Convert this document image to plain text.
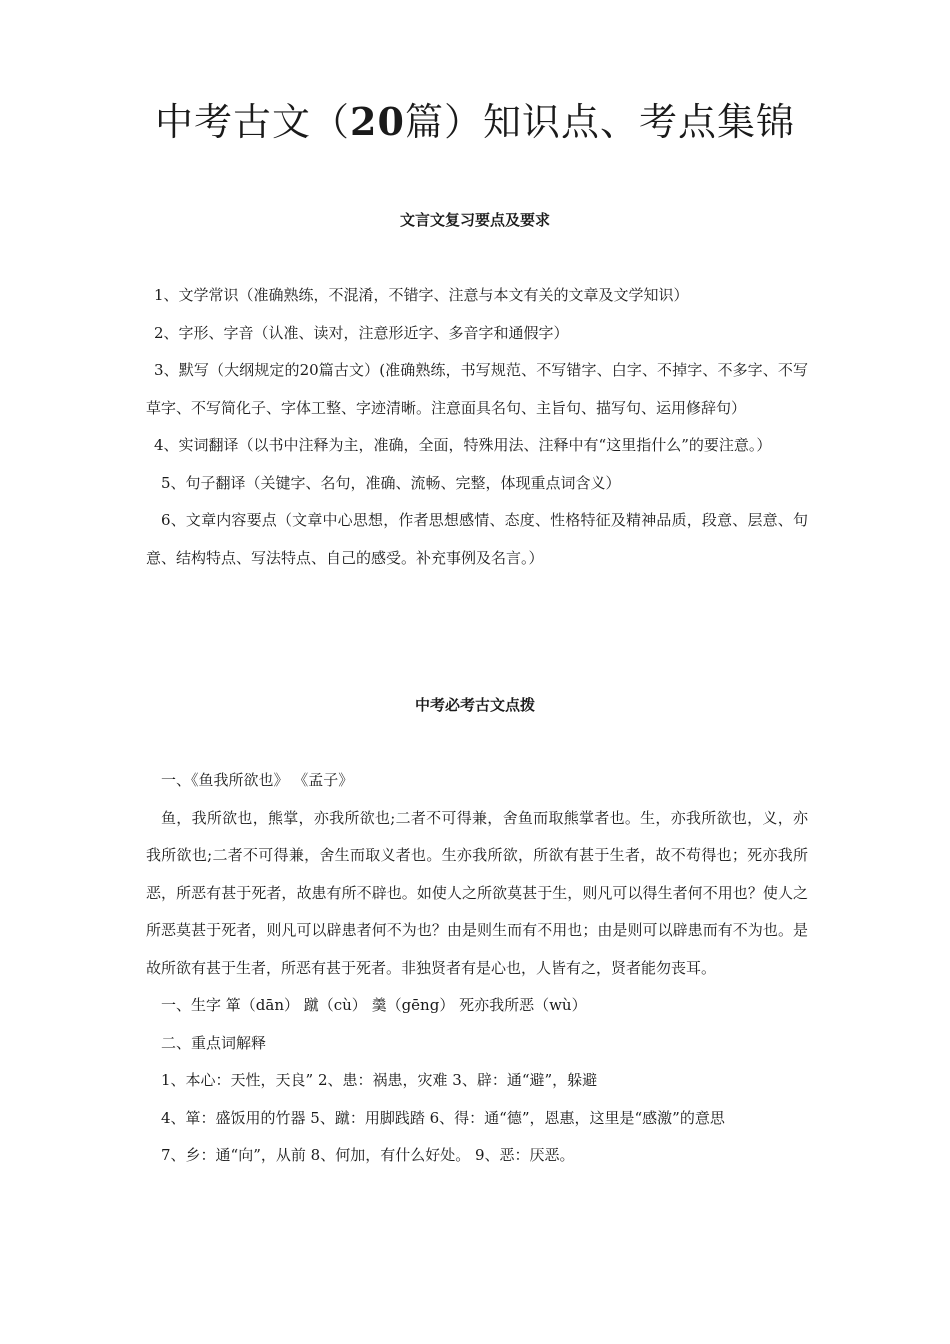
中考古文（20篇）知识点、考点集锦
文言文复习要点及要求

1、文学常识（准确熟练，不混淆，不错字、注意与本文有关的文章及文学知识）

2、字形、字音（认准、读对，注意形近字、多音字和通假字）

3、默写（大纲规定的20篇古文）(准确熟练，书写规范、不写错字、白字、不掉字、不多字、不写草字、不写简化子、字体工整、字迹清晰。注意面具名句、主旨句、描写句、运用修辞句）

4、实词翻译（以书中注释为主，准确，全面，特殊用法、注释中有“这里指什么”的要注意。）

5、句子翻译（关键字、名句，准确、流畅、完整，体现重点词含义）

6、文章内容要点（文章中心思想，作者思想感情、态度、性格特征及精神品质，段意、层意、句意、结构特点、写法特点、自己的感受。补充事例及名言。）

中考必考古文点拨

一、《鱼我所欲也》 《孟子》

鱼，我所欲也，熊掌，亦我所欲也;二者不可得兼，舍鱼而取熊掌者也。生，亦我所欲也，义，亦我所欲也;二者不可得兼，舍生而取义者也。生亦我所欲，所欲有甚于生者，故不苟得也；死亦我所恶，所恶有甚于死者，故患有所不辟也。如使人之所欲莫甚于生，则凡可以得生者何不用也？使人之所恶莫甚于死者，则凡可以辟患者何不为也？由是则生而有不用也；由是则可以辟患而有不为也。是故所欲有甚于生者，所恶有甚于死者。非独贤者有是心也，人皆有之，贤者能勿丧耳。

一、生字 箪（dān） 蹴（cù） 羹（gēng） 死亦我所恶（wù）

二、重点词解释

1、本心：天性，天良” 2、患：祸患，灾难 3、辟：通“避”，躲避

4、箪：盛饭用的竹器 5、蹴：用脚践踏 6、得：通“德”，恩惠，这里是“感激”的意思

7、乡：通“向”，从前 8、何加，有什么好处。 9、恶：厌恶。
